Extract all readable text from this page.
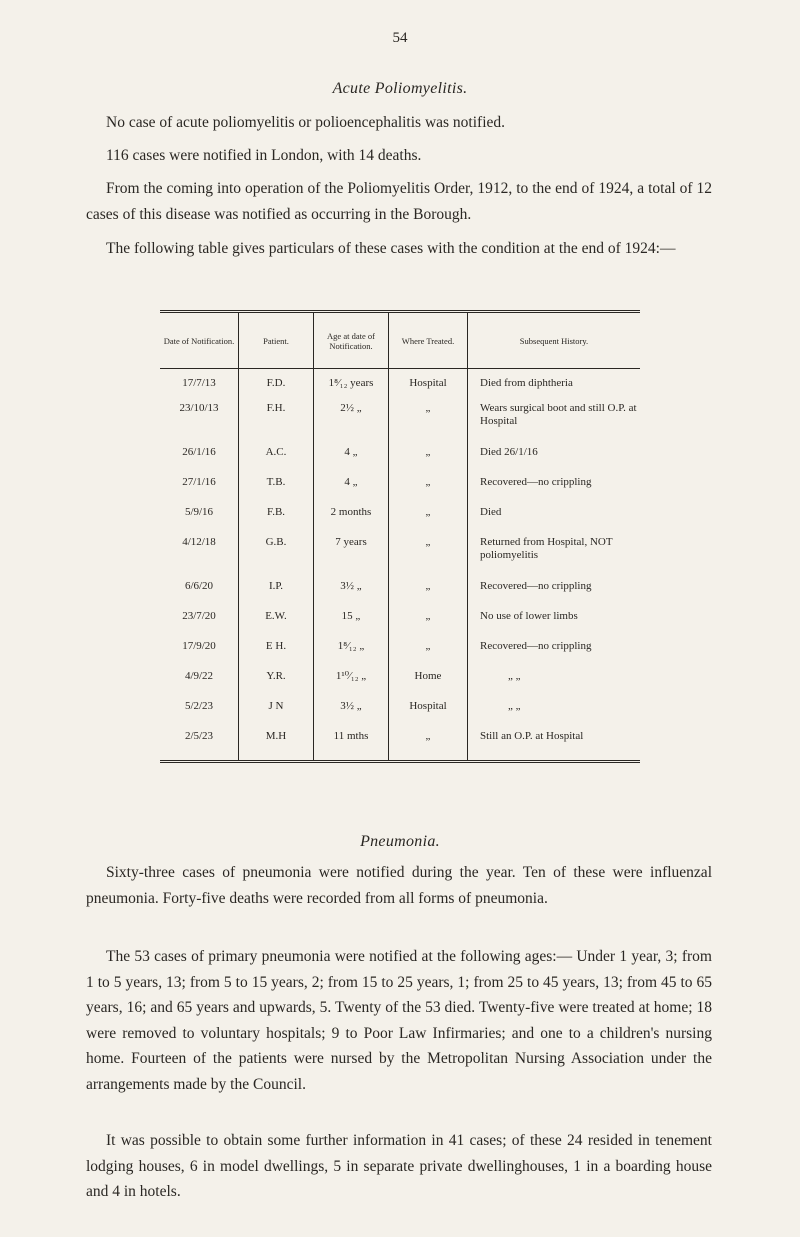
54
Acute Poliomyelitis.

No case of acute poliomyelitis or polioencephalitis was notified.

116 cases were notified in London, with 14 deaths.

From the coming into operation of the Poliomyelitis Order, 1912, to the end of 1924, a total of 12 cases of this disease was notified as occurring in the Borough.

The following table gives particulars of these cases with the condition at the end of 1924:—

Date of Notification.	Patient.	Age at date of Notification.	Where Treated.	Subsequent History.
17/7/13	F.D.	1⁸⁄₁₂ years	Hospital	Died from diphtheria
23/10/13	F.H.	2½ „	„	Wears surgical boot and still O.P. at Hospital
26/1/16	A.C.	4 „	„	Died 26/1/16
27/1/16	T.B.	4 „	„	Recovered—no crippling
5/9/16	F.B.	2 months	„	Died
4/12/18	G.B.	7 years	„	Returned from Hospital, NOT poliomyelitis
6/6/20	I.P.	3½ „	„	Recovered—no crippling
23/7/20	E.W.	15 „	„	No use of lower limbs
17/9/20	E H.	1⁸⁄₁₂ „	„	Recovered—no crippling
4/9/22	Y.R.	1¹⁰⁄₁₂ „	Home	„ „
5/2/23	J N	3½ „	Hospital	„ „
2/5/23	M.H	11 mths	„	Still an O.P. at Hospital
Pneumonia.

Sixty-three cases of pneumonia were notified during the year. Ten of these were influenzal pneumonia. Forty-five deaths were recorded from all forms of pneumonia.

The 53 cases of primary pneumonia were notified at the following ages:— Under 1 year, 3; from 1 to 5 years, 13; from 5 to 15 years, 2; from 15 to 25 years, 1; from 25 to 45 years, 13; from 45 to 65 years, 16; and 65 years and upwards, 5. Twenty of the 53 died. Twenty-five were treated at home; 18 were removed to voluntary hospitals; 9 to Poor Law Infirmaries; and one to a children's nursing home. Fourteen of the patients were nursed by the Metropolitan Nursing Association under the arrangements made by the Council.

It was possible to obtain some further information in 41 cases; of these 24 resided in tenement lodging houses, 6 in model dwellings, 5 in separate private dwellinghouses, 1 in a boarding house and 4 in hotels.
